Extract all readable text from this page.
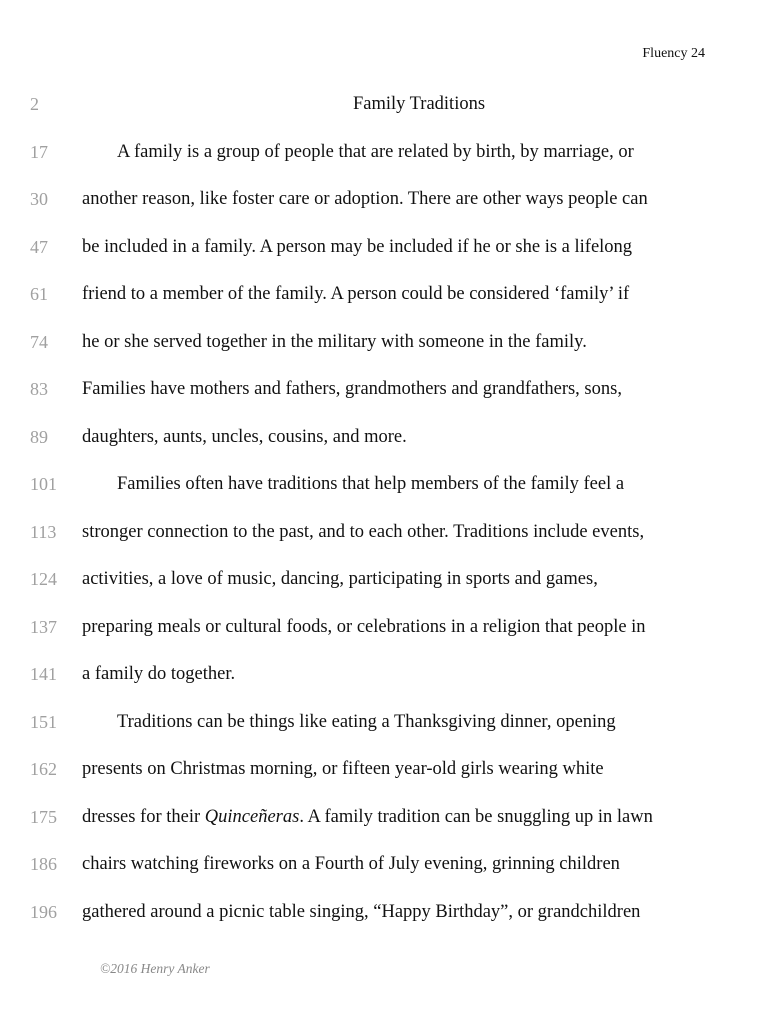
Fluency 24
2	Family Traditions
17	A family is a group of people that are related by birth, by marriage, or
30 another reason, like foster care or adoption. There are other ways people can
47 be included in a family. A person may be included if he or she is a lifelong
61 friend to a member of the family. A person could be considered ‘family’ if
74 he or she served together in the military with someone in the family.
83 Families have mothers and fathers, grandmothers and grandfathers, sons,
89 daughters, aunts, uncles, cousins, and more.
101	Families often have traditions that help members of the family feel a
113 stronger connection to the past, and to each other. Traditions include events,
124 activities, a love of music, dancing, participating in sports and games,
137 preparing meals or cultural foods, or celebrations in a religion that people in
141 a family do together.
151	Traditions can be things like eating a Thanksgiving dinner, opening
162 presents on Christmas morning, or fifteen year-old girls wearing white
175 dresses for their Quinceñeras. A family tradition can be snuggling up in lawn
186 chairs watching fireworks on a Fourth of July evening, grinning children
196 gathered around a picnic table singing, “Happy Birthday”, or grandchildren
©2016 Henry Anker
